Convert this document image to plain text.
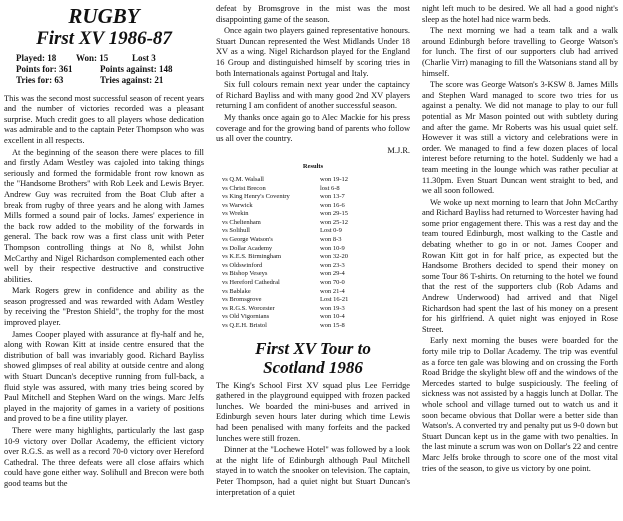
RUGBY
First XV 1986-87
Played: 18 Won: 15	Lost 3
Points for: 361	Points against: 148
Tries for: 63	Tries against: 21

This was the second most successful season of recent years and the number of victories recorded was a pleasant surprise. Much credit goes to all players whose dedication was admirable and to the captain Peter Thompson who was excellent in all respects.

At the beginning of the season there were places to fill and firstly Adam Westley was cajoled into taking things seriously and formed the formidable front row known as the "Handsome Brothers" with Rob Leek and Lewis Bryer. Andrew Guy was recruited from the Boat Club after a break from rugby of three years and he along with James Mills formed a sound pair of locks. James' experience in the back row added to the mobility of the forwards in general. The back row was a first class unit with Peter Thompson controlling things at No 8, whilst John McCarthy and Nigel Richardson complemented each other well by their respective destructive and constructive abilities.

Mark Rogers grew in confidence and ability as the season progressed and was rewarded with Adam Westley by receiving the "Preston Shield", the trophy for the most improved player.

James Cooper played with assurance at fly-half and he, along with Rowan Kitt at inside centre ensured that the distribution of ball was invariably good. Richard Bayliss showed glimpses of real ability at outside centre and along with Stuart Duncan's deceptive running from full-back, a fluid style was assured, with many tries being scored by Paul Mitchell and Stephen Ward on the wings. Marc Jelfs played in the majority of games in a variety of positions and proved to be a fine utility player.

There were many highlights, particularly the last gasp 10-9 victory over Dollar Academy, the efficient victory over R.G.S. as well as a record 70-0 victory over Hereford Cathedral. The three defeats were all close affairs which could have gone either way. Solihull and Brecon were both good teams but the

defeat by Bromsgrove in the mist was the most disappointing game of the season.

Once again two players gained representative honours. Stuart Duncan represented the West Midlands Under 18 XV as a wing. Nigel Richardson played for the England 16 Group and distinguished himself by scoring tries in both Internationals against Portugal and Italy.

Six full colours remain next year under the captaincy of Richard Bayliss and with many good 2nd XV players returning I am confident of another successful season.

My thanks once again go to Alec Mackie for his press coverage and for the growing band of parents who follow us all over the country.

M.J.R.

Results
vs Q.M. Walsall	won 19-12
vs Christ Brecon	lost 6-8
vs King Henry's Coventry	won 13-7
vs Warwick	won 16-6
vs Wrekin	won 29-15
vs Cheltenham	won 25-12
vs Solihull	Lost 0-9
vs George Watson's	won 8-3
vs Dollar Academy	won 10-9
vs K.E.S. Birmingham	won 32-20
vs Oldswinford	won 23-3
vs Bishop Veseys	won 29-4
vs Hereford Cathedral	won 70-0
vs Bablake	won 21-4
vs Bromsgrove	Lost 16-21
vs R.G.S. Worcester	won 19-3
vs Old Vigornians	won 10-4
vs Q.E.H. Bristol	won 15-8
First XV Tour to
Scotland 1986

The King's School First XV squad plus Lee Ferridge gathered in the playground equipped with frozen packed lunches. We boarded the mini-buses and arrived in Edinburgh seven hours later during which time Lewis had been penalised with many forfeits and the packed lunches were still frozen.

Dinner at the "Lochewe Hotel" was followed by a look at the night life of Edinburgh although Paul Mitchell stayed in to watch the snooker on television. The captain, Peter Thompson, had a quiet night but Stuart Duncan's interpretation of a quiet

night left much to be desired. We all had a good night's sleep as the hotel had nice warm beds.

The next morning we had a team talk and a walk around Edinburgh before travelling to George Watson's for lunch. The first of our supporters club had arrived (Charlie Virr) managing to fill the Watsonians stand all by himself.

The score was George Watson's 3-KSW 8. James Mills and Stephen Ward managed to score two tries for us against a penalty. We did not manage to play to our full potential as Mr Mason pointed out with subtlety during and after the game. Mr Roberts was his usual quiet self. However it was still a victory and celebrations were in order. We managed to find a few dozen places of local interest before returning to the hotel. Suddenly we had a team meeting in the lounge which was rather peculiar at 11.30pm. Even Stuart Duncan went straight to bed, and we all soon followed.

We woke up next morning to learn that John McCarthy and Richard Bayliss had returned to Worcester having had some prior engagement there. This was a rest day and the team toured Edinburgh, most walking to the Castle and debating whether to go in or not. James Cooper and Rowan Kitt got in for half price, as expected but the Handsome Brothers decided to spend their money on some Tour 86 T-shirts. On returning to the hotel we found that the rest of the supporters club (Rob Adams and Andrew Underwood) had arrived and that Nigel Richardson had spent the last of his money on a present for his girlfriend. A quiet night was enjoyed in Rose Street.

Early next morning the buses were boarded for the forty mile trip to Dollar Academy. The trip was eventful as a force ten gale was blowing and on crossing the Forth Road Bridge the skylight blew off and the windows of the Mercedes started to bulge suspiciously. The feeling of sickness was not assisted by a haggis lunch at Dollar. The whole school and village turned out to watch us and it soon became obvious that Dollar were a better side than Watson's. A converted try and penalty put us 9-0 down but Stuart Duncan kept us in the game with two penalties. In the last minute a scrum was won on Dollar's 22 and centre Marc Jelfs broke through to score one of the most vital tries of the season, to give us victory by one point.
